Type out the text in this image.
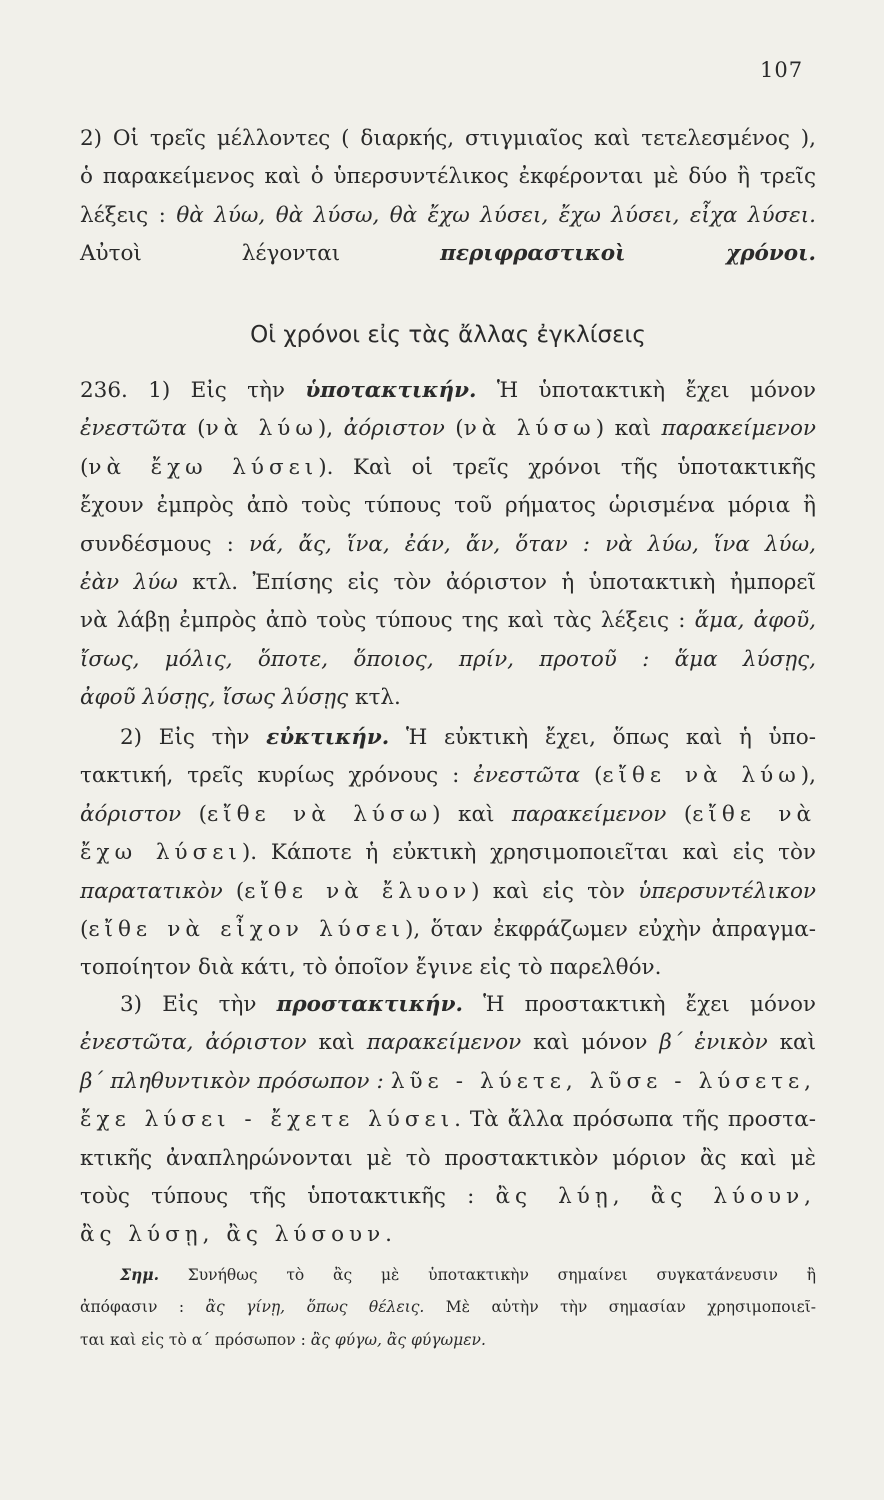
107
2) Οἱ τρεῖς μέλλοντες ( διαρκής, στιγμιαῖος καὶ τετελεσμένος ),
ὁ παρακείμενος καὶ ὁ ὑπερσυντέλικος ἐκφέρονται μὲ δύο ἢ τρεῖς
λέξεις : θὰ λύω, θὰ λύσω, θὰ ἔχω λύσει, ἔχω λύσει, εἶχα λύσει.
Αὐτοὶ λέγονται περιφραστικοὶ χρόνοι.
Οἱ χρόνοι εἰς τὰς ἄλλας ἐγκλίσεις
236. 1) Εἰς τὴν ὑποτακτικήν. Ἡ ὑποτακτικὴ ἔχει μόνον
ἐνεστῶτα (νὰ λύω), ἀόριστον (νὰ λύσω) καὶ παρακείμενον
(νὰ ἔχω λύσει). Καὶ οἱ τρεῖς χρόνοι τῆς ὑποτακτικῆς
ἔχουν ἐμπρὸς ἀπὸ τοὺς τύπους τοῦ ρήματος ὡρισμένα μόρια ἢ
συνδέσμους : νά, ἄς, ἵνα, ἐάν, ἄν, ὅταν : νὰ λύω, ἵνα λύω,
ἐὰν λύω κτλ. Ἐπίσης εἰς τὸν ἀόριστον ἡ ὑποτακτικὴ ἠμπορεῖ
νὰ λάβῃ ἐμπρὸς ἀπὸ τοὺς τύπους της καὶ τὰς λέξεις : ἅμα, ἀφοῦ,
ἴσως, μόλις, ὅποτε, ὅποιος, πρίν, προτοῦ : ἅμα λύσῃς,
ἀφοῦ λύσῃς, ἴσως λύσῃς κτλ.
2) Εἰς τὴν εὐκτικήν. Ἡ εὐκτικὴ ἔχει, ὅπως καὶ ἡ ὑπο-
τακτική, τρεῖς κυρίως χρόνους : ἐνεστῶτα (εἴθε νὰ λύω),
ἀόριστον (εἴθε νὰ λύσω) καὶ παρακείμενον (εἴθε νὰ
ἔχω λύσει). Κάποτε ἡ εὐκτικὴ χρησιμοποιεῖται καὶ εἰς τὸν
παρατατικὸν (εἴθε νὰ ἔλυον) καὶ εἰς τὸν ὑπερσυντέλικον
(εἴθε νὰ εἶχον λύσει), ὅταν ἐκφράζωμεν εὐχὴν ἀπραγμα-
τοποίητον διὰ κάτι, τὸ ὁποῖον ἔγινε εἰς τὸ παρελθόν.
3) Εἰς τὴν προστακτικήν. Ἡ προστακτικὴ ἔχει μόνον
ἐνεστῶτα, ἀόριστον καὶ παρακείμενον καὶ μόνον β΄ ἑνικὸν καὶ
β΄ πληθυντικὸν πρόσωπον : λῦε - λύετε, λῦσε - λύσετε,
ἔχε λύσει - ἔχετε λύσει. Τὰ ἄλλα πρόσωπα τῆς προστα-
κτικῆς ἀναπληρώνονται μὲ τὸ προστακτικὸν μόριον ἂς καὶ μὲ
τοὺς τύπους τῆς ὑποτακτικῆς : ἂς λύῃ, ἂς λύουν,
ἂς λύσῃ, ἂς λύσουν.
Σημ. Συνήθως τὸ ἂς μὲ ὑποτακτικὴν σημαίνει συγκατάνευσιν ἢ
ἀπόφασιν : ἂς γίνῃ, ὅπως θέλεις. Μὲ αὐτὴν τὴν σημασίαν χρησιμοποιεῖ-
ται καὶ εἰς τὸ α΄ πρόσωπον : ἂς φύγω, ἂς φύγωμεν.
